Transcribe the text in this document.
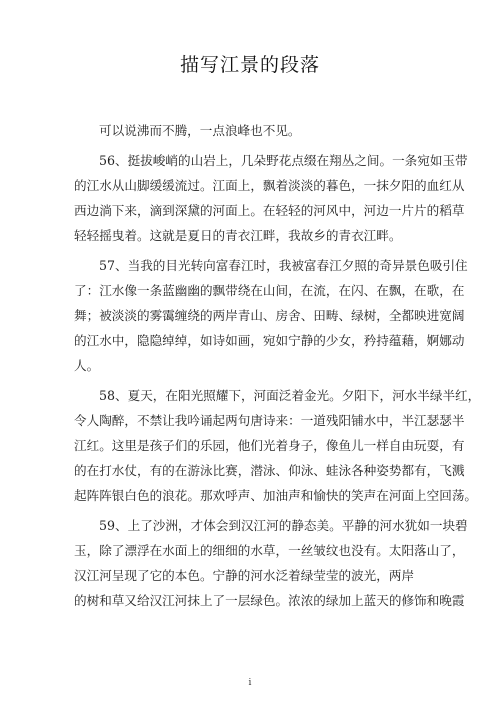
描写江景的段落
可以说沸而不腾，一点浪峰也不见。
56、挺拔峻峭的山岩上，几朵野花点缀在翔丛之间。一条宛如玉带
的江水从山脚缓缓流过。江面上，飘着淡淡的暮色，一抹夕阳的血红从
西边淌下来，滴到深黛的河面上。在轻轻的河风中，河边一片片的稻草
轻轻摇曳着。这就是夏日的青衣江畔，我故乡的青衣江畔。
57、当我的目光转向富春江时，我被富春江夕照的奇异景色吸引住
了：江水像一条蓝幽幽的飘带绕在山间，在流，在闪、在飘，在歌，在
舞；被淡淡的雾霭缠绕的两岸青山、房舍、田畴、绿树，全都映进宽阔
的江水中，隐隐绰绰，如诗如画，宛如宁静的少女，矜持蕴藉，婀娜动
人。
58、夏天，在阳光照耀下，河面泛着金光。夕阳下，河水半绿半红，
令人陶醉，不禁让我吟诵起两句唐诗来：一道残阳铺水中，半江瑟瑟半
江红。这里是孩子们的乐园，他们光着身子，像鱼儿一样自由玩耍，有
的在打水仗，有的在游泳比赛，潜泳、仰泳、蛙泳各种姿势都有，飞溅
起阵阵银白色的浪花。那欢呼声、加油声和愉快的笑声在河面上空回荡。
59、上了沙洲，才体会到汉江河的静态美。平静的河水犹如一块碧
玉，除了漂浮在水面上的细细的水草，一丝皱纹也没有。太阳落山了，
汉江河呈现了它的本色。宁静的河水泛着绿莹莹的波光，两岸
的树和草又给汉江河抹上了一层绿色。浓浓的绿加上蓝天的修饰和晚霞
i
